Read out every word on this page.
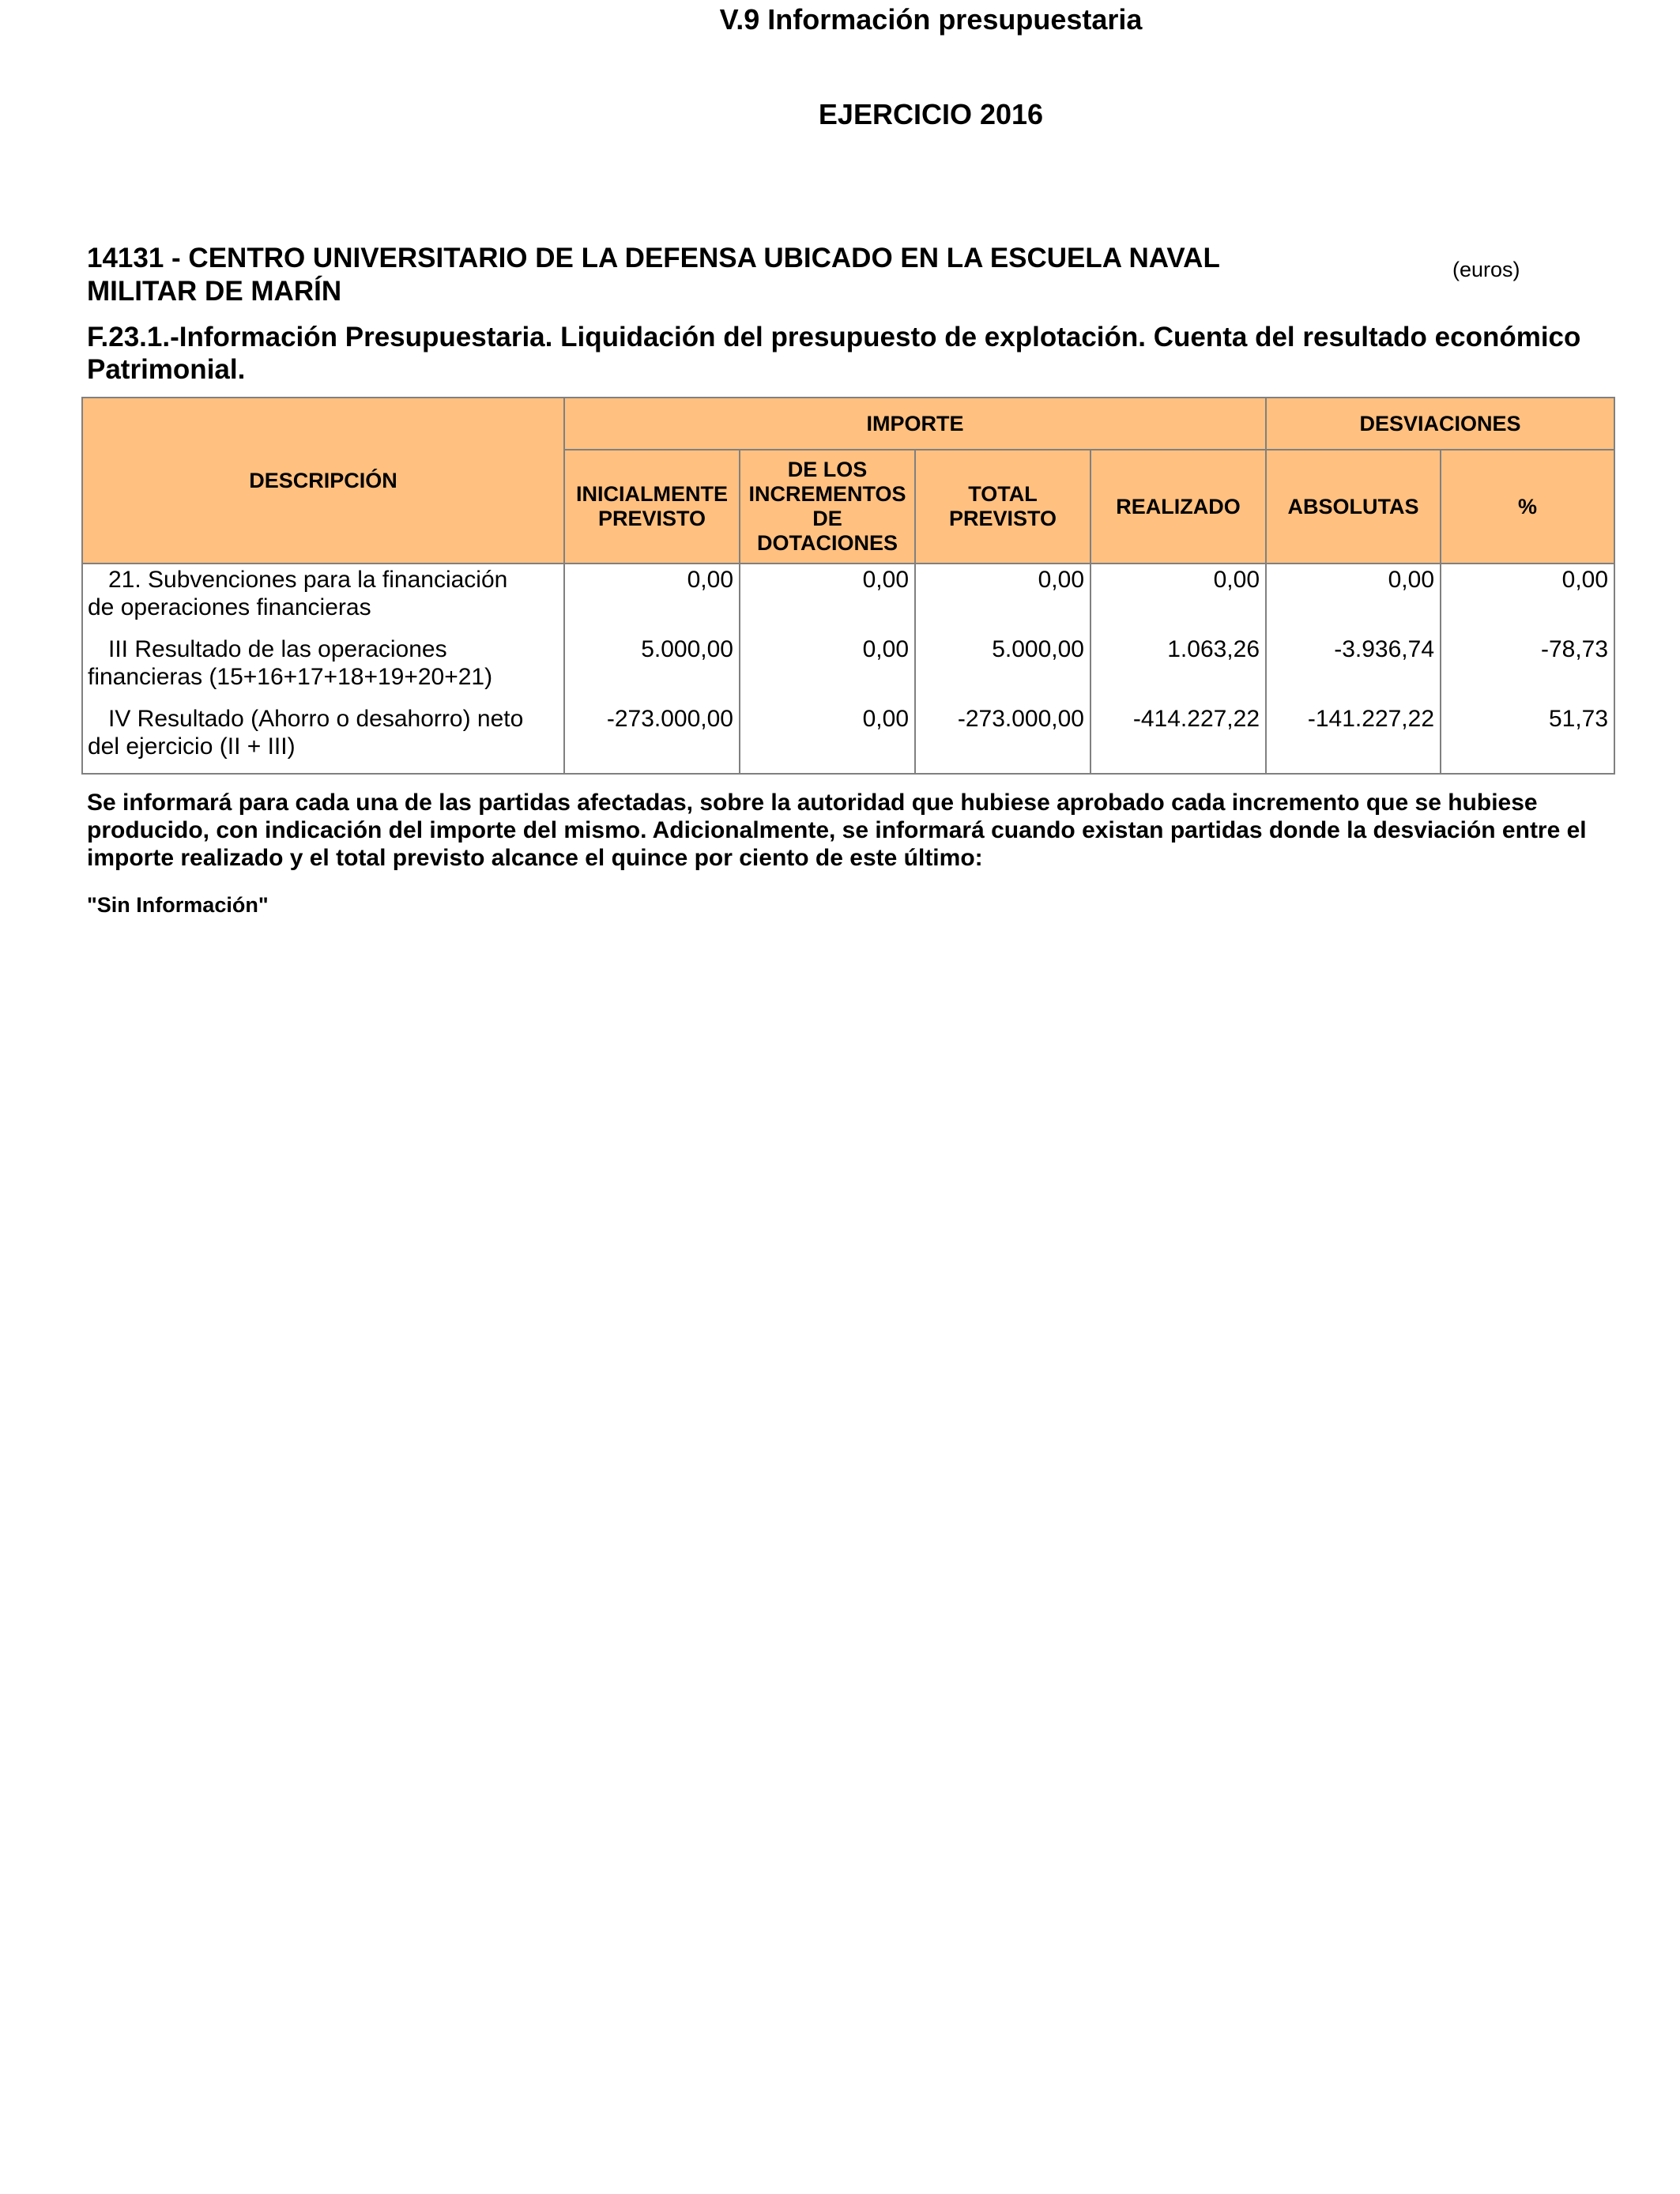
V.9 Información presupuestaria
EJERCICIO 2016
14131 - CENTRO UNIVERSITARIO DE LA DEFENSA UBICADO EN LA ESCUELA NAVAL
MILITAR DE MARÍN
(euros)
F.23.1.-Información Presupuestaria. Liquidación del presupuesto de explotación. Cuenta del resultado económico Patrimonial.
DESCRIPCIÓN	IMPORTE				DESVIACIONES	
	INICIALMENTE PREVISTO	DE LOS INCREMENTOS DE DOTACIONES	TOTAL PREVISTO	REALIZADO	ABSOLUTAS	%

21. Subvenciones para la financiación
de operaciones financieras	0,00	0,00	0,00	0,00	0,00	0,00

III Resultado de las operaciones
financieras (15+16+17+18+19+20+21)	5.000,00	0,00	5.000,00	1.063,26	-3.936,74	-78,73

IV Resultado (Ahorro o desahorro) neto
del ejercicio (II + III)	-273.000,00	0,00	-273.000,00	-414.227,22	-141.227,22	51,73
Se informará para cada una de las partidas afectadas, sobre la autoridad que hubiese aprobado cada incremento que se hubiese producido, con indicación del importe del mismo. Adicionalmente, se informará cuando existan partidas donde la desviación entre el importe realizado y el total previsto alcance el quince por ciento de este último:
"Sin Información"
